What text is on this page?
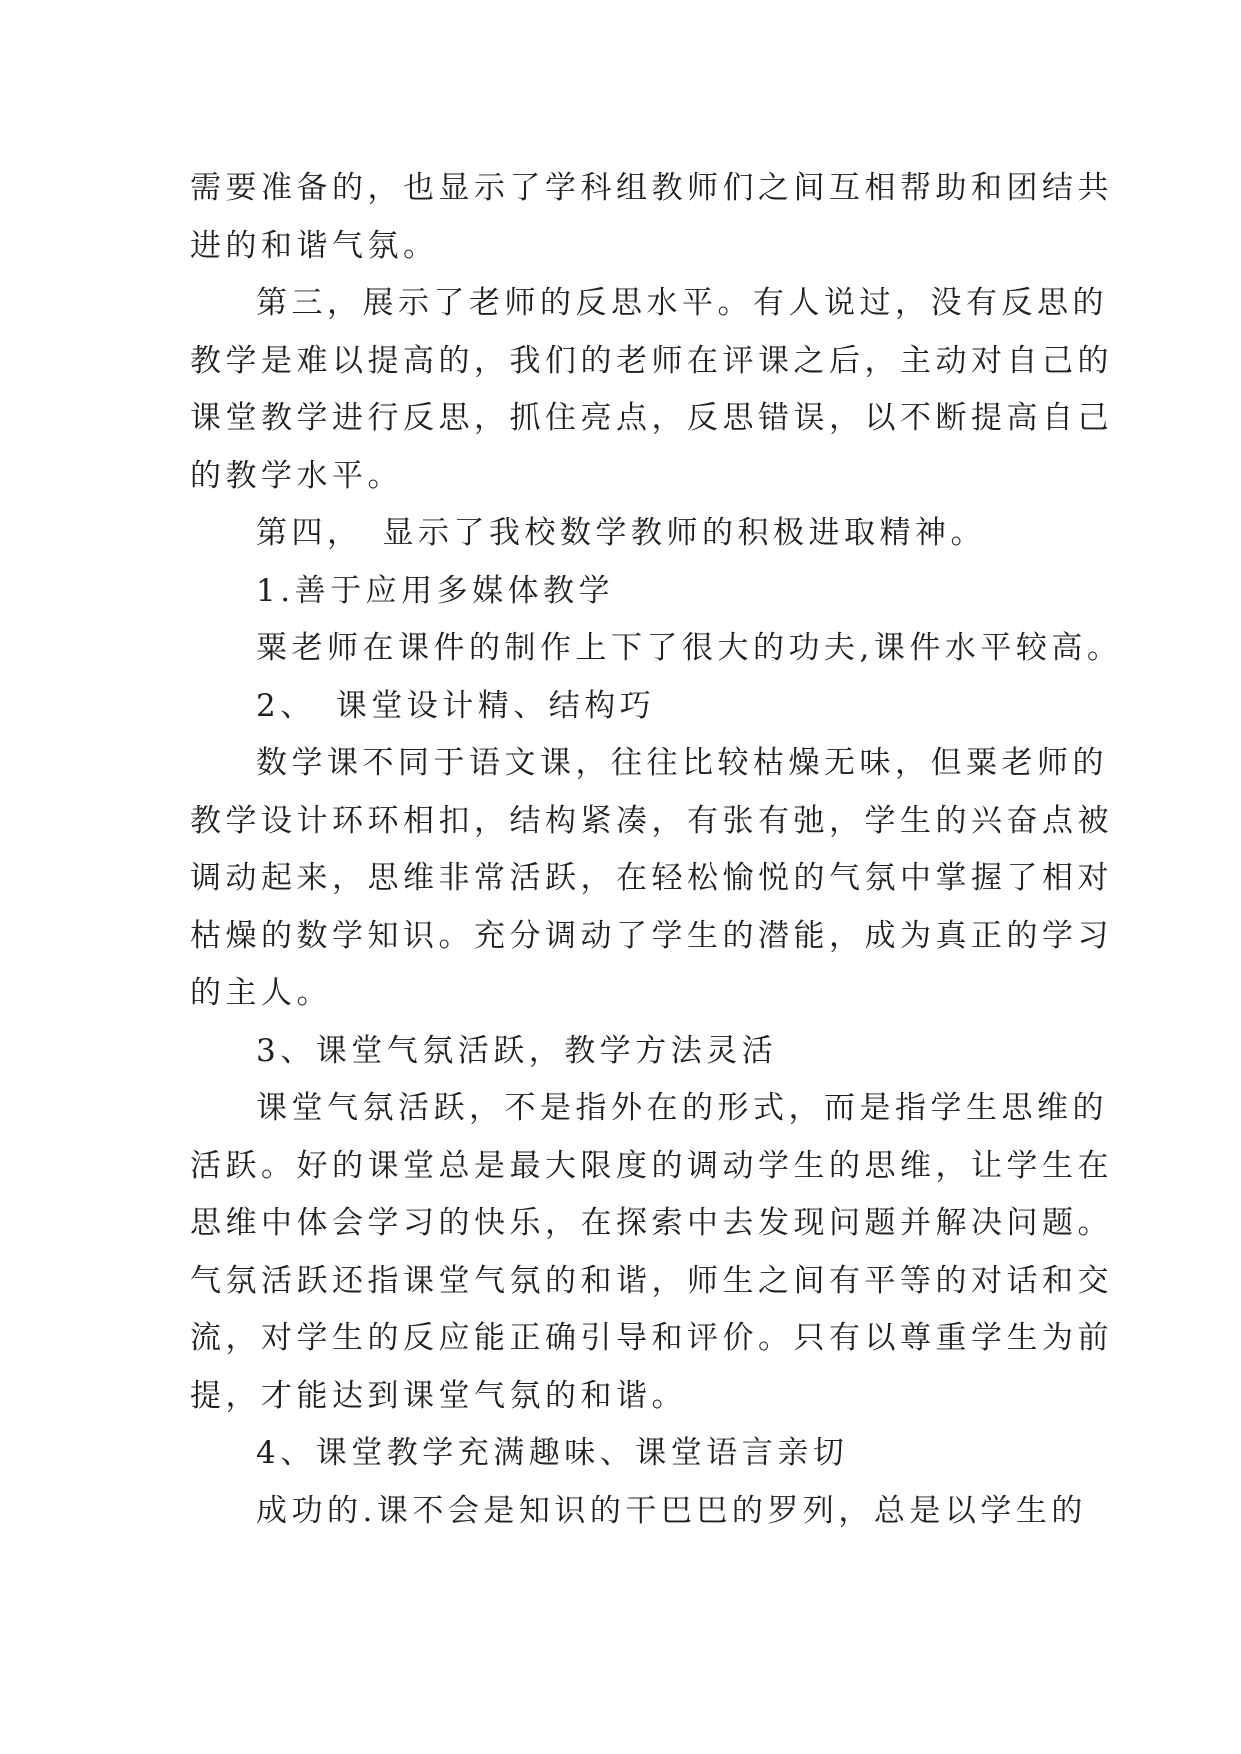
需要准备的，也显示了学科组教师们之间互相帮助和团结共
进的和谐气氛。
第三，展示了老师的反思水平。有人说过，没有反思的
教学是难以提高的，我们的老师在评课之后，主动对自己的
课堂教学进行反思，抓住亮点，反思错误，以不断提高自己
的教学水平。
第四，　显示了我校数学教师的积极进取精神。
1.善于应用多媒体教学
粟老师在课件的制作上下了很大的功夫,课件水平较高。
2、　课堂设计精、结构巧
数学课不同于语文课，往往比较枯燥无味，但粟老师的
教学设计环环相扣，结构紧凑，有张有弛，学生的兴奋点被
调动起来，思维非常活跃，在轻松愉悦的气氛中掌握了相对
枯燥的数学知识。充分调动了学生的潜能，成为真正的学习
的主人。
3、课堂气氛活跃，教学方法灵活
课堂气氛活跃，不是指外在的形式，而是指学生思维的
活跃。好的课堂总是最大限度的调动学生的思维，让学生在
思维中体会学习的快乐，在探索中去发现问题并解决问题。
气氛活跃还指课堂气氛的和谐，师生之间有平等的对话和交
流，对学生的反应能正确引导和评价。只有以尊重学生为前
提，才能达到课堂气氛的和谐。
4、课堂教学充满趣味、课堂语言亲切
成功的.课不会是知识的干巴巴的罗列，总是以学生的
